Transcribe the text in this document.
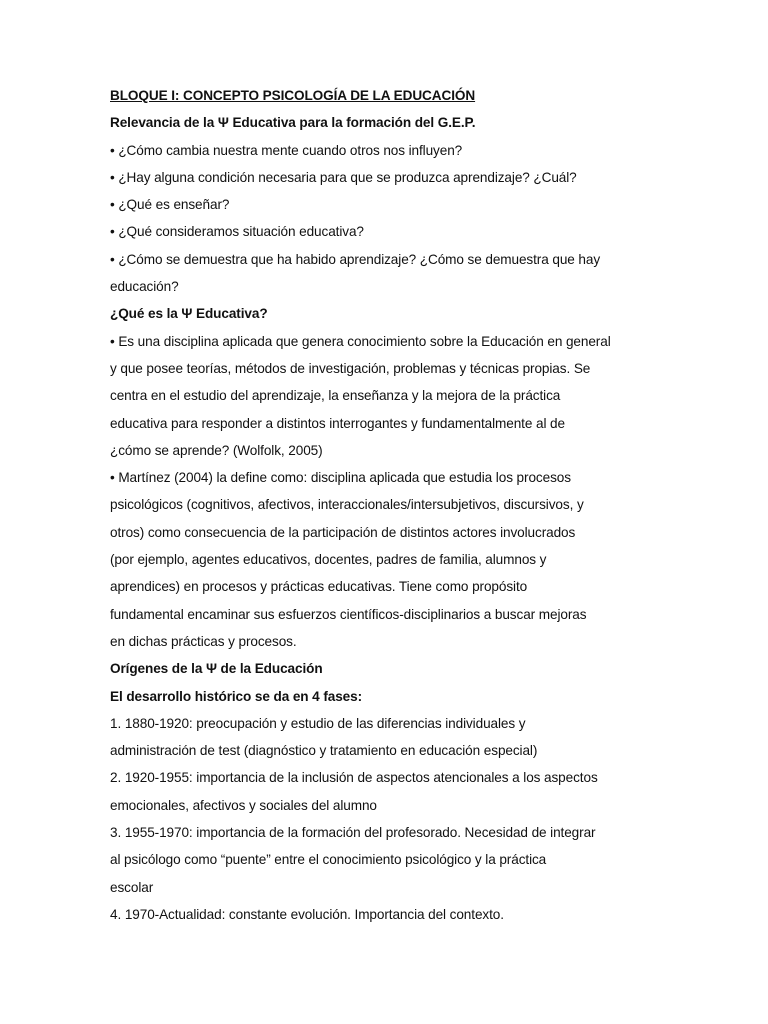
BLOQUE I: CONCEPTO PSICOLOGÍA DE LA EDUCACIÓN
Relevancia de la Ψ Educativa para la formación del G.E.P.
• ¿Cómo cambia nuestra mente cuando otros nos influyen?
• ¿Hay alguna condición necesaria para que se produzca aprendizaje? ¿Cuál?
• ¿Qué es enseñar?
• ¿Qué consideramos situación educativa?
• ¿Cómo se demuestra que ha habido aprendizaje? ¿Cómo se demuestra que hay
educación?
¿Qué es la Ψ Educativa?
• Es una disciplina aplicada que genera conocimiento sobre la Educación en general
y que posee teorías, métodos de investigación, problemas y técnicas propias. Se
centra en el estudio del aprendizaje, la enseñanza y la mejora de la práctica
educativa para responder a distintos interrogantes y fundamentalmente al de
¿cómo se aprende? (Wolfolk, 2005)
• Martínez (2004) la define como: disciplina aplicada que estudia los procesos
psicológicos (cognitivos, afectivos, interaccionales/intersubjetivos, discursivos, y
otros) como consecuencia de la participación de distintos actores involucrados
(por ejemplo, agentes educativos, docentes, padres de familia, alumnos y
aprendices) en procesos y prácticas educativas. Tiene como propósito
fundamental encaminar sus esfuerzos científicos-disciplinarios a buscar mejoras
en dichas prácticas y procesos.
Orígenes de la Ψ de la Educación
El desarrollo histórico se da en 4 fases:
1. 1880-1920: preocupación y estudio de las diferencias individuales y
administración de test (diagnóstico y tratamiento en educación especial)
2. 1920-1955: importancia de la inclusión de aspectos atencionales a los aspectos
emocionales, afectivos y sociales del alumno
3. 1955-1970: importancia de la formación del profesorado. Necesidad de integrar
al psicólogo como “puente” entre el conocimiento psicológico y la práctica
escolar
4. 1970-Actualidad: constante evolución. Importancia del contexto.
